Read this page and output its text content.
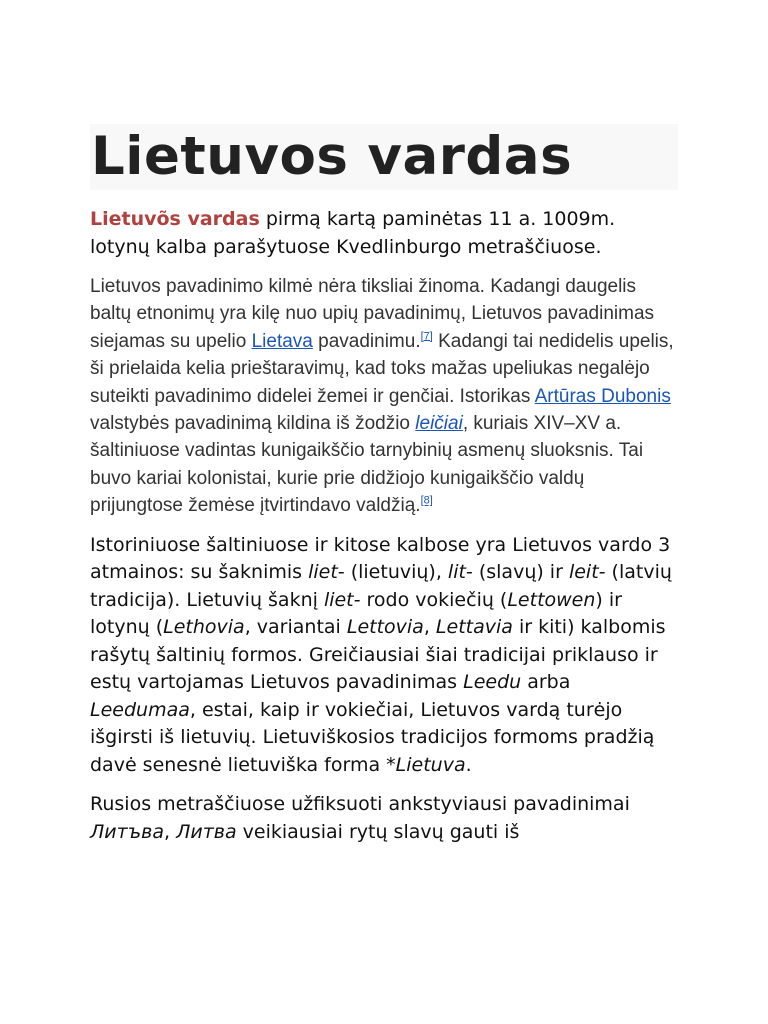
Lietuvos vardas

Lietuvõs vardas pirmą kartą paminėtas 11 a. 1009m. lotynų kalba parašytuose Kvedlinburgo metraščiuose.

Lietuvos pavadinimo kilmė nėra tiksliai žinoma. Kadangi daugelis baltų etnonimų yra kilę nuo upių pavadinimų, Lietuvos pavadinimas siejamas su upelio Lietava pavadinimu.[7] Kadangi tai nedidelis upelis, ši prielaida kelia prieštaravimų, kad toks mažas upeliukas negalėjo suteikti pavadinimo didelei žemei ir genčiai. Istorikas Artūras Dubonis valstybės pavadinimą kildina iš žodžio leičiai, kuriais XIV–XV a. šaltiniuose vadintas kunigaikščio tarnybinių asmenų sluoksnis. Tai buvo kariai kolonistai, kurie prie didžiojo kunigaikščio valdų prijungtose žemėse įtvirtindavo valdžią.[8]

Istoriniuose šaltiniuose ir kitose kalbose yra Lietuvos vardo 3 atmainos: su šaknimis liet- (lietuvių), lit- (slavų) ir leit- (latvių tradicija). Lietuvių šaknį liet- rodo vokiečių (Lettowen) ir lotynų (Lethovia, variantai Lettovia, Lettavia ir kiti) kalbomis rašytų šaltinių formos. Greičiausiai šiai tradicijai priklauso ir estų vartojamas Lietuvos pavadinimas Leedu arba Leedumaa, estai, kaip ir vokiečiai, Lietuvos vardą turėjo išgirsti iš lietuvių. Lietuviškosios tradicijos formoms pradžią davė senesnė lietuviška forma *Lietuva.

Rusios metraščiuose užfiksuoti ankstyviausi pavadinimai Литъва, Литва veikiausiai rytų slavų gauti iš
